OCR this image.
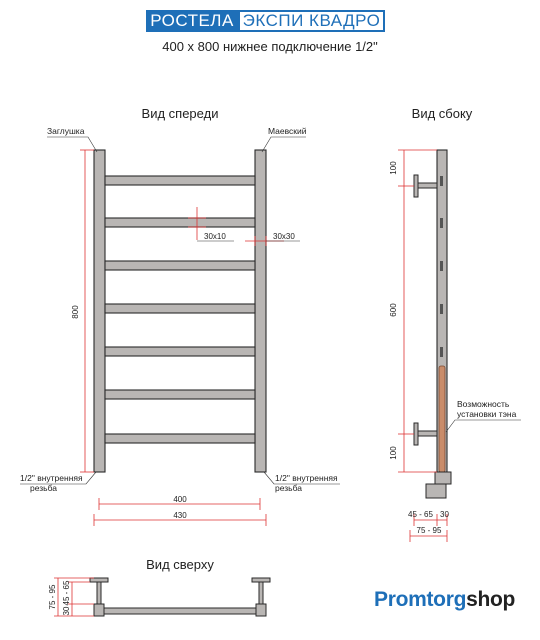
РОСТЕЛА ЭКСПИ КВАДРО
400 х 800 нижнее подключение 1/2"
Вид спереди
Заглушка	Маевский
800
30х10	30х30
1/2" внутренняя
резьба
1/2" внутренняя
резьба
400
430
Вид сбоку
100
600
100
Возможность
установки тэна
45 - 65 30
75 - 95
Вид сверху
75 - 95 45 - 65
30	Promtorgshop
